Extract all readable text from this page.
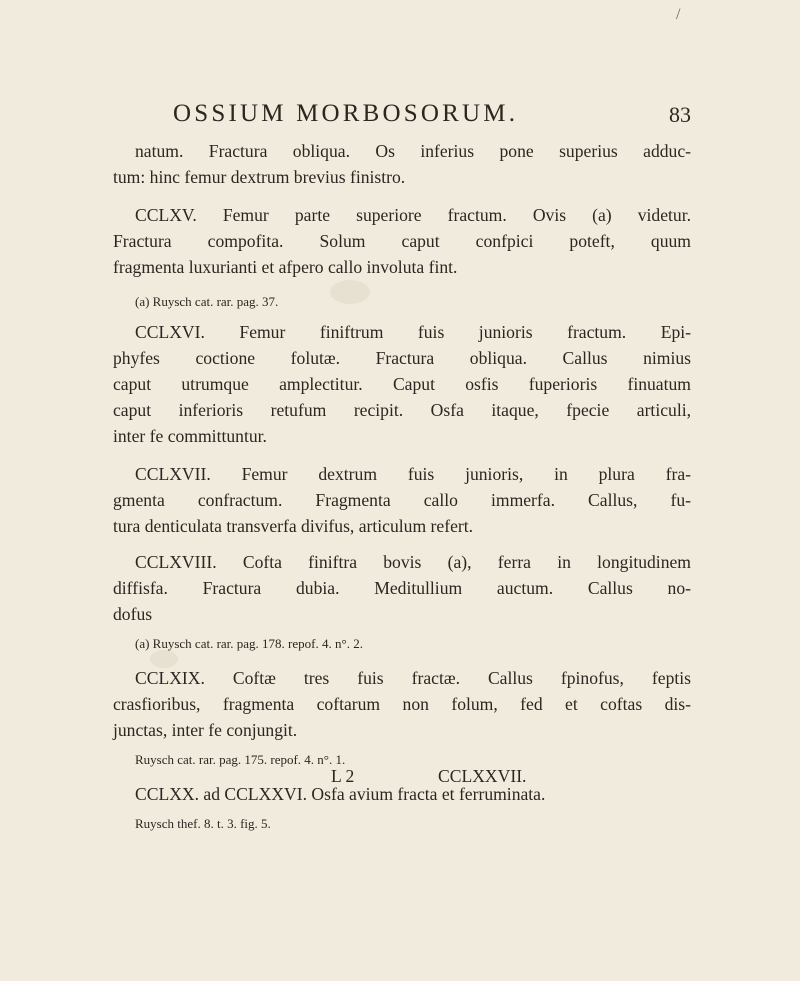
/
OSSIUM MORBOSORUM.	83
natum. Fractura obliqua. Os inferius pone superius adduc-
tum: hinc femur dextrum brevius finistro.
CCLXV. Femur parte superiore fractum. Ovis (a) videtur.
Fractura compofita. Solum caput confpici poteft, quum
fragmenta luxurianti et afpero callo involuta fint.
(a) Ruysch cat. rar. pag. 37.
CCLXVI. Femur finiftrum fuis junioris fractum. Epi-
phyfes coctione folutæ. Fractura obliqua. Callus nimius
caput utrumque amplectitur. Caput osfis fuperioris finuatum
caput inferioris retufum recipit. Osfa itaque, fpecie articuli,
inter fe committuntur.
CCLXVII. Femur dextrum fuis junioris, in plura fra-
gmenta confractum. Fragmenta callo immerfa. Callus, fu-
tura denticulata transverfa divifus, articulum refert.
CCLXVIII. Cofta finiftra bovis (a), ferra in longitudinem
diffisfa. Fractura dubia. Meditullium auctum. Callus no-
dofus
(a) Ruysch cat. rar. pag. 178. repof. 4. n°. 2.
CCLXIX. Coftæ tres fuis fractæ. Callus fpinofus, feptis
crasfioribus, fragmenta coftarum non folum, fed et coftas dis-
junctas, inter fe conjungit.
Ruysch cat. rar. pag. 175. repof. 4. n°. 1.
CCLXX. ad CCLXXVI. Osfa avium fracta et ferruminata.
Ruysch thef. 8. t. 3. fig. 5.
L 2	CCLXXVII.
